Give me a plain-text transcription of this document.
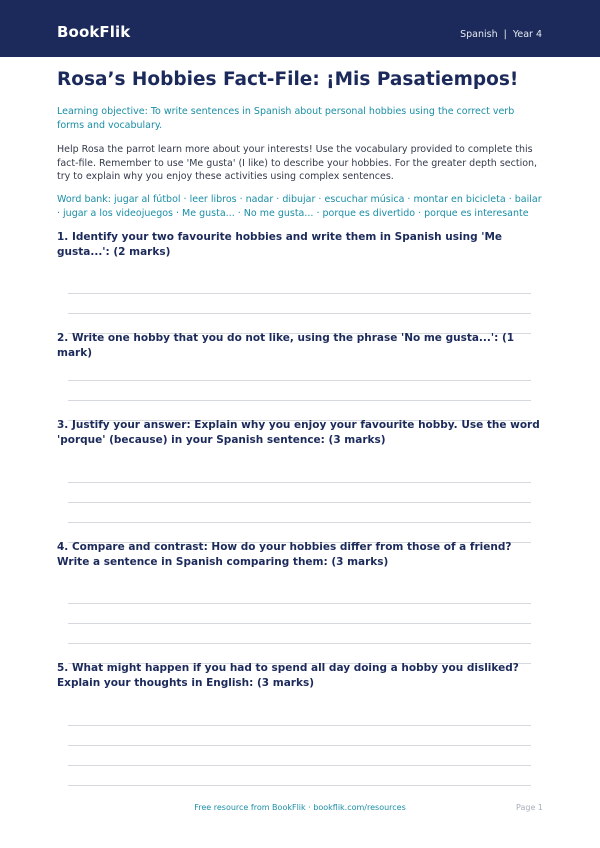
BookFlik	Spanish | Year 4
Rosa’s Hobbies Fact-File: ¡Mis Pasatiempos!
Learning objective: To write sentences in Spanish about personal hobbies using the correct verb forms and vocabulary.
Help Rosa the parrot learn more about your interests! Use the vocabulary provided to complete this fact-file. Remember to use 'Me gusta' (I like) to describe your hobbies. For the greater depth section, try to explain why you enjoy these activities using complex sentences.
Word bank: jugar al fútbol · leer libros · nadar · dibujar · escuchar música · montar en bicicleta · bailar · jugar a los videojuegos · Me gusta... · No me gusta... · porque es divertido · porque es interesante
1. Identify your two favourite hobbies and write them in Spanish using 'Me gusta...': (2 marks)
2. Write one hobby that you do not like, using the phrase 'No me gusta...': (1 mark)
3. Justify your answer: Explain why you enjoy your favourite hobby. Use the word 'porque' (because) in your Spanish sentence: (3 marks)
4. Compare and contrast: How do your hobbies differ from those of a friend? Write a sentence in Spanish comparing them: (3 marks)
5. What might happen if you had to spend all day doing a hobby you disliked? Explain your thoughts in English: (3 marks)
Free resource from BookFlik · bookflik.com/resources	Page 1
